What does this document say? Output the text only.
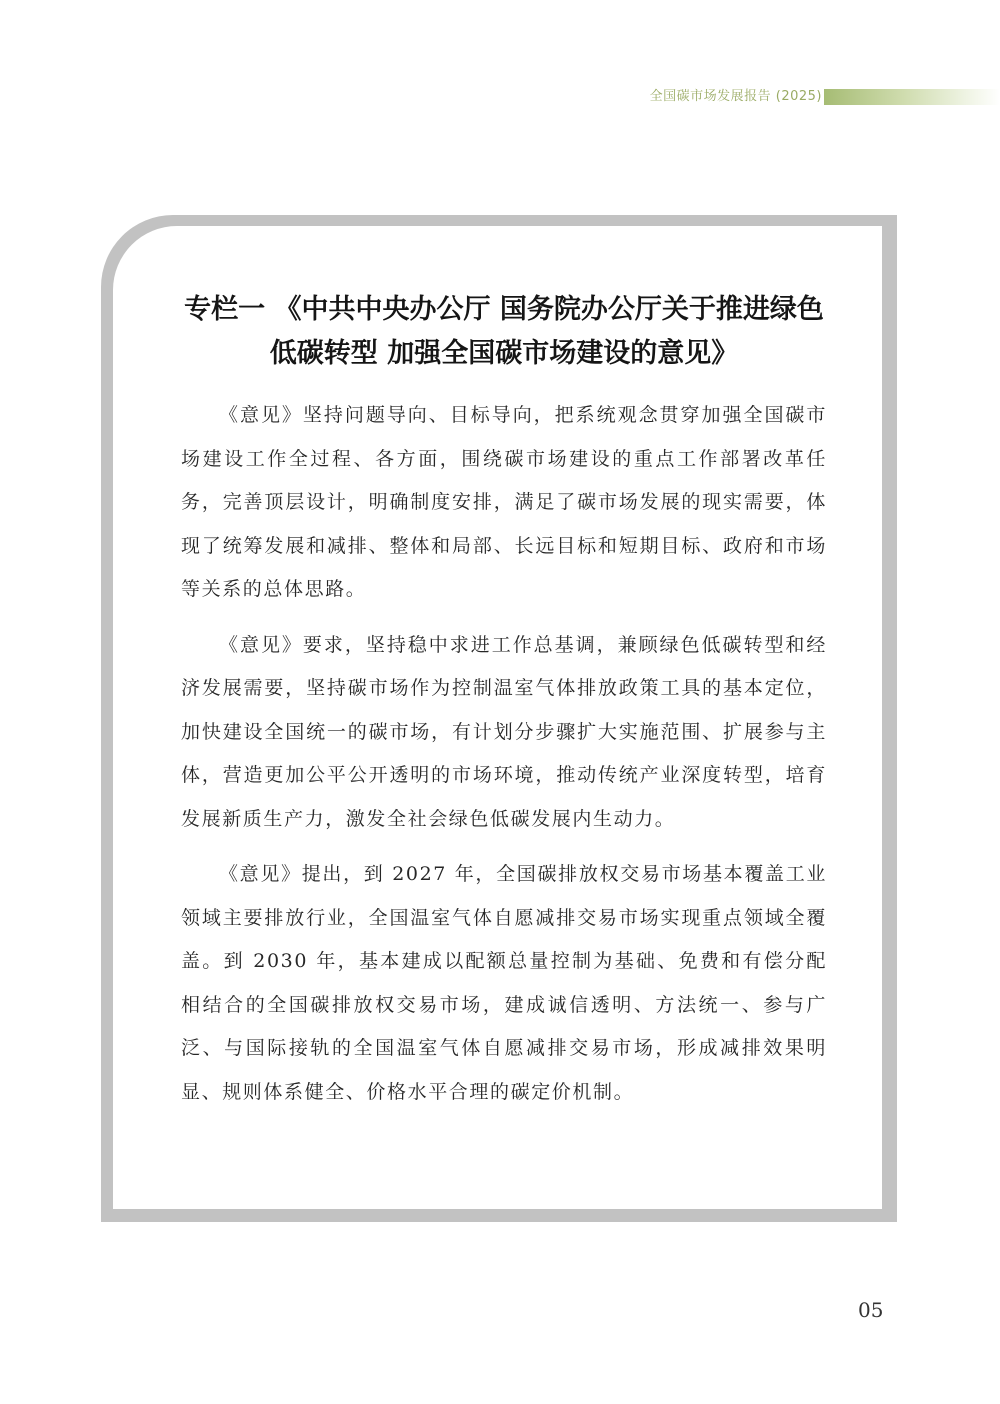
全国碳市场发展报告 (2025)
专栏一 《中共中央办公厅 国务院办公厅关于推进绿色低碳转型 加强全国碳市场建设的意见》

《意见》坚持问题导向、目标导向，把系统观念贯穿加强全国碳市场建设工作全过程、各方面，围绕碳市场建设的重点工作部署改革任务，完善顶层设计，明确制度安排，满足了碳市场发展的现实需要，体现了统筹发展和减排、整体和局部、长远目标和短期目标、政府和市场等关系的总体思路。

《意见》要求，坚持稳中求进工作总基调，兼顾绿色低碳转型和经济发展需要，坚持碳市场作为控制温室气体排放政策工具的基本定位，加快建设全国统一的碳市场，有计划分步骤扩大实施范围、扩展参与主体，营造更加公平公开透明的市场环境，推动传统产业深度转型，培育发展新质生产力，激发全社会绿色低碳发展内生动力。

《意见》提出，到 2027 年，全国碳排放权交易市场基本覆盖工业领域主要排放行业，全国温室气体自愿减排交易市场实现重点领域全覆盖。到 2030 年，基本建成以配额总量控制为基础、免费和有偿分配相结合的全国碳排放权交易市场，建成诚信透明、方法统一、参与广泛、与国际接轨的全国温室气体自愿减排交易市场，形成减排效果明显、规则体系健全、价格水平合理的碳定价机制。

05
